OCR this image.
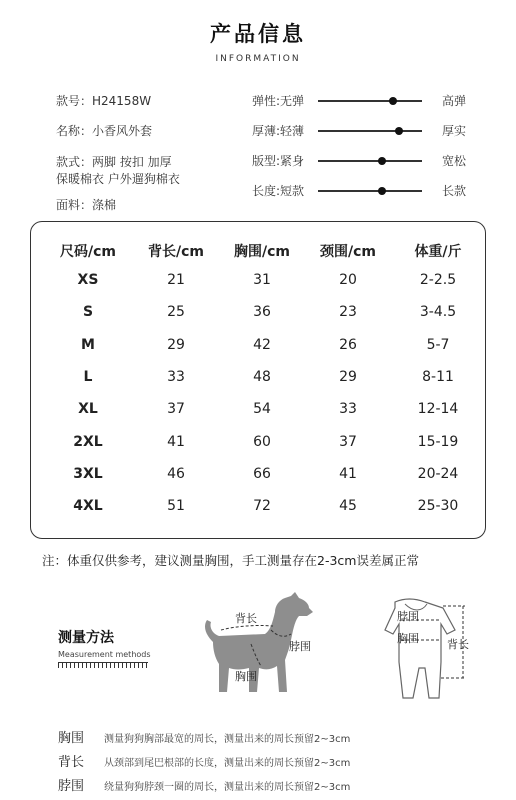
产品信息
INFORMATION
款号：H24158W
名称：小香风外套
款式：两脚 按扣 加厚
保暖棉衣 户外遛狗棉衣
面料：涤棉
弹性:无弹	高弹
厚薄:轻薄	厚实
版型:紧身	宽松
长度:短款	长款
尺码/cm	背长/cm	胸围/cm	颈围/cm	体重/斤
XS	21	31	20	2-2.5
S	25	36	23	3-4.5
M	29	42	26	5-7
L	33	48	29	8-11
XL	37	54	33	12-14
2XL	41	60	37	15-19
3XL	46	66	41	20-24
4XL	51	72	45	25-30
注：体重仅供参考，建议测量胸围，手工测量存在2-3cm误差属正常
测量方法
Measurement methods
背长
脖围
胸围
脖围
胸围	背长
胸围 测量狗狗胸部最宽的周长，测量出来的周长预留2~3cm
背长 从颈部到尾巴根部的长度，测量出来的周长预留2~3cm
脖围 绕量狗狗脖颈一圈的周长，测量出来的周长预留2~3cm
